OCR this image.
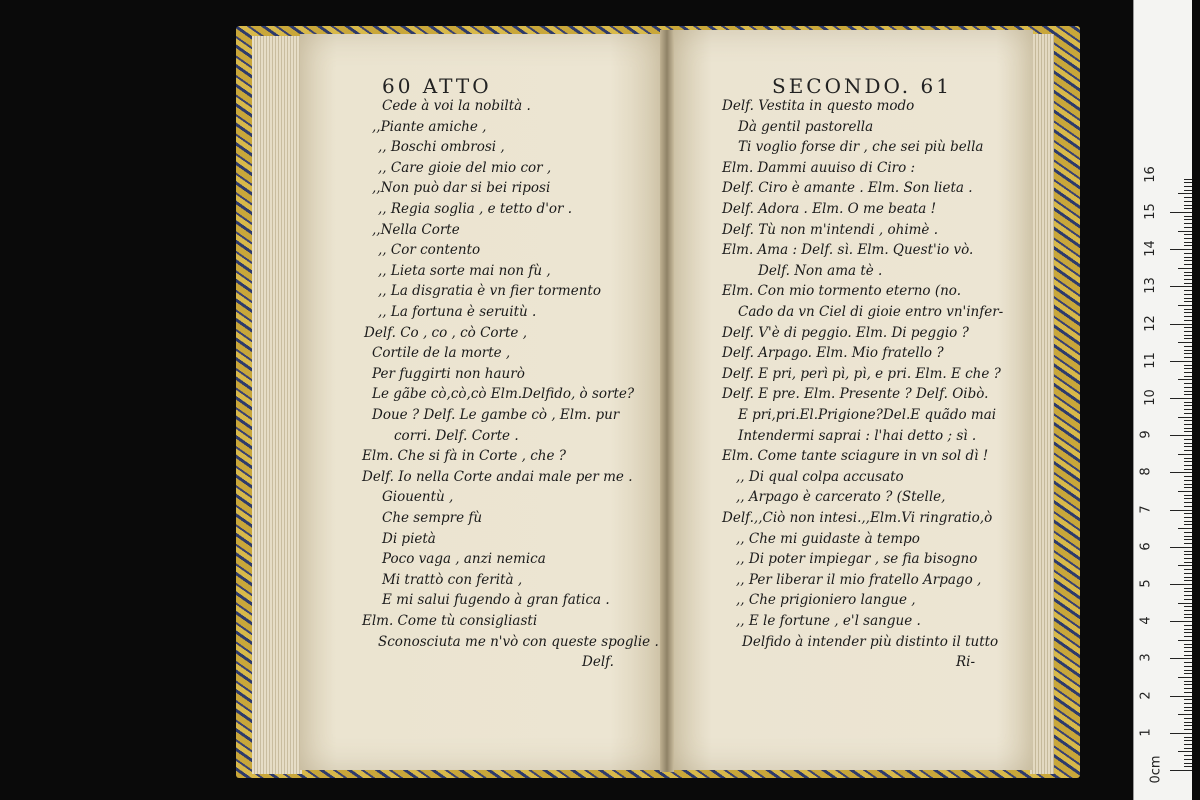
60 ATTO	SECONDO. 61
Cede à voi la nobiltà .
,,Piante amiche ,
,, Boschi ombrosi ,
,, Care gioie del mio cor ,
,,Non può dar si bei riposi
,, Regia soglia , e tetto d'or .
,,Nella Corte
,, Cor contento
,, Lieta sorte mai non fù ,
,, La disgratia è vn fier tormento
,, La fortuna è seruitù .
Delf. Co , co , cò Corte ,
Cortile de la morte ,
Per fuggirti non haurò
Le gãbe cò,cò,cò Elm.Delfido, ò sorte?
Doue ? Delf. Le gambe cò , Elm. pur
corri. Delf. Corte .
Elm. Che si fà in Corte , che ?
Delf. Io nella Corte andai male per me .
Giouentù ,
Che sempre fù
Di pietà
Poco vaga , anzi nemica
Mi trattò con ferità ,
E mi salui fugendo à gran fatica .
Elm. Come tù consigliasti
Sconosciuta me n'vò con queste spoglie .
Delf.
Delf. Vestita in questo modo
Dà gentil pastorella
Ti voglio forse dir , che sei più bella
Elm. Dammi auuiso di Ciro :
Delf. Ciro è amante . Elm. Son lieta .
Delf. Adora . Elm. O me beata !
Delf. Tù non m'intendi , ohimè .
Elm. Ama : Delf. sì. Elm. Quest'io vò.
Delf. Non ama tè .
Elm. Con mio tormento eterno (no.
Cado da vn Ciel di gioie entro vn'infer-
Delf. V'è di peggio. Elm. Di peggio ?
Delf. Arpago. Elm. Mio fratello ?
Delf. E pri, perì pì, pì, e pri. Elm. E che ?
Delf. E pre. Elm. Presente ? Delf. Oibò.
E pri,pri.El.Prigione?Del.E quãdo mai
Intendermi saprai : l'hai detto ; sì .
Elm. Come tante sciagure in vn sol dì !
,, Di qual colpa accusato
,, Arpago è carcerato ? (Stelle,
Delf.,,Ciò non intesi.,,Elm.Vi ringratio,ò
,, Che mi guidaste à tempo
,, Di poter impiegar , se fia bisogno
,, Per liberar il mio fratello Arpago ,
,, Che prigioniero langue ,
,, E le fortune , e'l sangue .
Delfido à intender più distinto il tutto
Ri-
0cm
1
2
3
4
5
6
7
8
9
10
11
12
13
14
15
16
